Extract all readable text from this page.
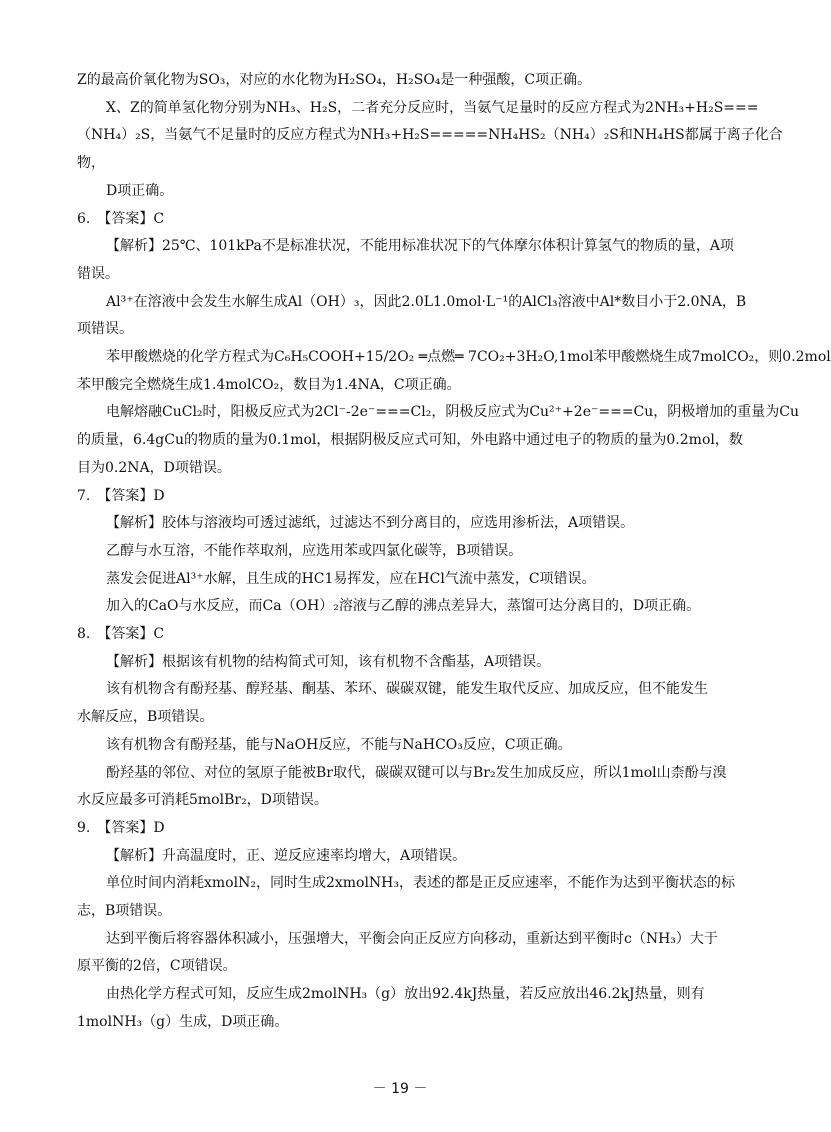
Z的最高价氧化物为SO₃，对应的水化物为H₂SO₄，H₂SO₄是一种强酸，C项正确。
X、Z的简单氢化物分别为NH₃、H₂S，二者充分反应时，当氨气足量时的反应方程式为2NH₃+H₂S===
（NH₄）₂S，当氨气不足量时的反应方程式为NH₃+H₂S=====NH₄HS₂（NH₄）₂S和NH₄HS都属于离子化合
物，
D项正确。
6.　【答案】C
【解析】25℃、101kPa不是标准状况，不能用标准状况下的气体摩尔体积计算氢气的物质的量，A项
错误。
Al³⁺在溶液中会发生水解生成Al（OH）₃，因此2.0L1.0mol·L⁻¹的AlCl₃溶液中Al*数目小于2.0NA，B
项错误。
苯甲酸燃烧的化学方程式为C₆H₅COOH+15/2O₂ ═点燃═ 7CO₂+3H₂O,1mol苯甲酸燃烧生成7molCO₂，则0.2mol
苯甲酸完全燃烧生成1.4molCO₂，数目为1.4NA，C项正确。
电解熔融CuCl₂时，阳极反应式为2Cl⁻-2e⁻===Cl₂，阴极反应式为Cu²⁺+2e⁻===Cu，阴极增加的重量为Cu
的质量，6.4gCu的物质的量为0.1mol，根据阴极反应式可知，外电路中通过电子的物质的量为0.2mol，数
目为0.2NA，D项错误。
7.　【答案】D
【解析】胶体与溶液均可透过滤纸，过滤达不到分离目的，应选用渗析法，A项错误。
乙醇与水互溶，不能作萃取剂，应选用苯或四氯化碳等，B项错误。
蒸发会促进Al³⁺水解，且生成的HC1易挥发，应在HCl气流中蒸发，C项错误。
加入的CaO与水反应，而Ca（OH）₂溶液与乙醇的沸点差异大，蒸馏可达分离目的，D项正确。
8.　【答案】C
【解析】根据该有机物的结构简式可知，该有机物不含酯基，A项错误。
该有机物含有酚羟基、醇羟基、酮基、苯环、碳碳双键，能发生取代反应、加成反应，但不能发生
水解反应，B项错误。
该有机物含有酚羟基，能与NaOH反应，不能与NaHCO₃反应，C项正确。
酚羟基的邻位、对位的氢原子能被Br取代，碳碳双键可以与Br₂发生加成反应，所以1mol山柰酚与溴
水反应最多可消耗5molBr₂，D项错误。
9.　【答案】D
【解析】升高温度时，正、逆反应速率均增大，A项错误。
单位时间内消耗xmolN₂，同时生成2xmolNH₃，表述的都是正反应速率，不能作为达到平衡状态的标
志，B项错误。
达到平衡后将容器体积减小，压强增大，平衡会向正反应方向移动，重新达到平衡时c（NH₃）大于
原平衡的2倍，C项错误。
由热化学方程式可知，反应生成2molNH₃（g）放出92.4kJ热量，若反应放出46.2kJ热量，则有
1molNH₃（g）生成，D项正确。
－ 19 －
